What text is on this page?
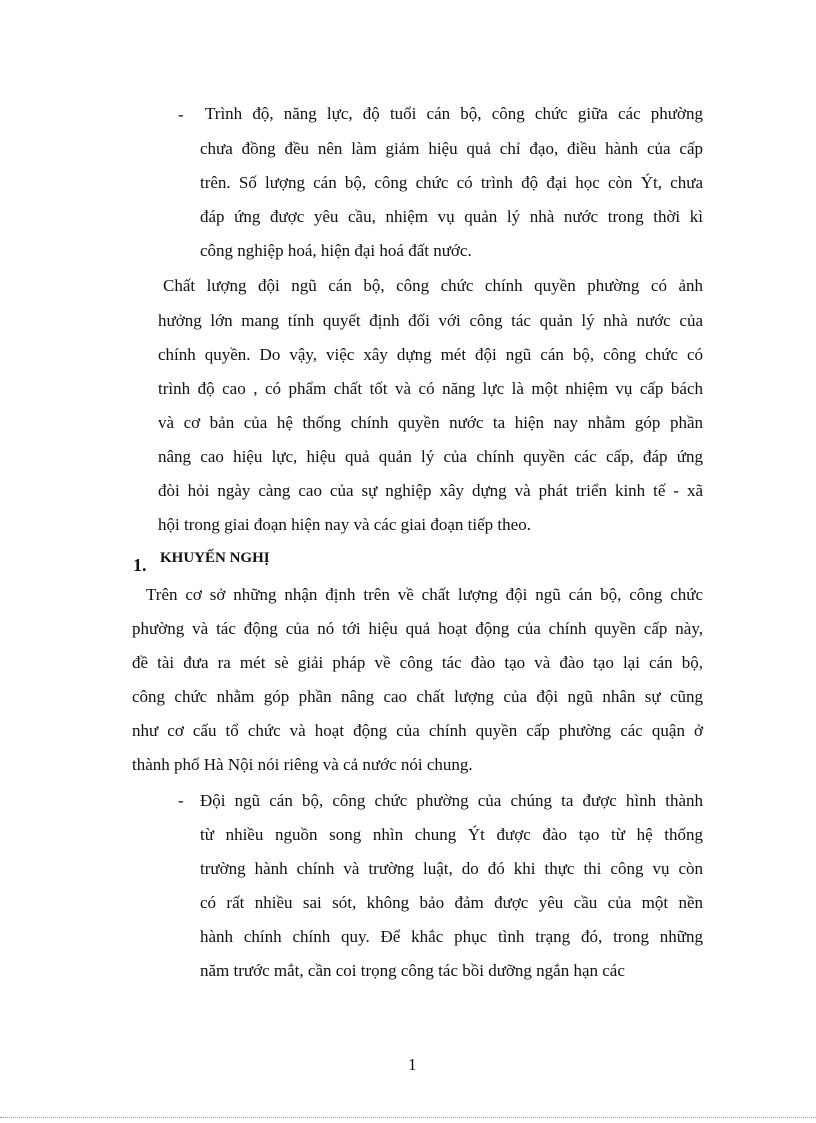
- Trình độ, năng lực, độ tuổi cán bộ, công chức giữa các phường
chưa đồng đều nên làm giảm hiệu quả chỉ đạo, điều hành của cấp
trên. Số lượng cán bộ, công chức có trình độ đại học còn Ýt, chưa
đáp ứng được yêu cầu, nhiệm vụ quản lý nhà nước trong thời kì
công nghiệp hoá, hiện đại hoá đất nước.
Chất lượng đội ngũ cán bộ, công chức chính quyền phường có ảnh
hưởng lớn mang tính quyết định đối với công tác quản lý nhà nước của
chính quyền. Do vậy, việc xây dựng mét đội ngũ cán bộ, công chức có
trình độ cao , có phẩm chất tốt và có năng lực là một nhiệm vụ cấp bách
và cơ bản của hệ thống chính quyền nước ta hiện nay nhằm góp phần
nâng cao hiệu lực, hiệu quả quản lý của chính quyền các cấp, đáp ứng
đòi hỏi ngày càng cao của sự nghiệp xây dựng và phát triển kinh tế - xã
hội trong giai đoạn hiện nay và các giai đoạn tiếp theo.
1. KHUYẾN NGHỊ
Trên cơ sở những nhận định trên về chất lượng đội ngũ cán bộ, công chức
phường và tác động của nó tới hiệu quả hoạt động của chính quyền cấp này,
đề tài đưa ra mét sè giải pháp về công tác đào tạo và đào tạo lại cán bộ,
công chức nhằm góp phần nâng cao chất lượng của đội ngũ nhân sự cũng
như cơ cấu tổ chức và hoạt động của chính quyền cấp phường các quận ở
thành phố Hà Nội nói riêng và cả nước nói chung.
- Đội ngũ cán bộ, công chức phường của chúng ta được hình thành
từ nhiều nguồn song nhìn chung Ýt được đào tạo từ hệ thống
trường hành chính và trường luật, do đó khi thực thi công vụ còn
có rất nhiều sai sót, không bảo đảm được yêu cầu của một nền
hành chính chính quy. Để khắc phục tình trạng đó, trong những
năm trước mắt, cần coi trọng công tác bồi dưỡng ngắn hạn các
1
